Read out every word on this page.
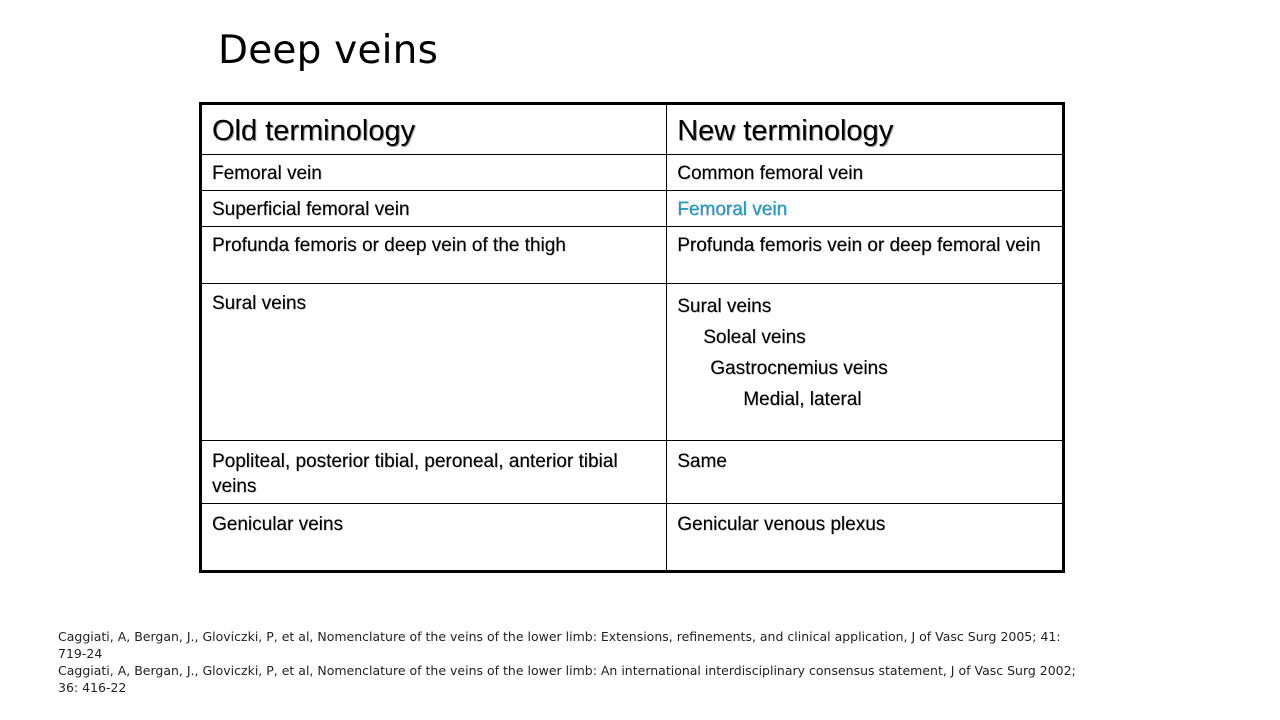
Deep veins
Old terminology	New terminology
Femoral vein	Common femoral vein
Superficial femoral vein	Femoral vein
Profunda femoris or deep vein of the thigh	Profunda femoris vein or deep femoral vein
Sural veins	Sural veins
Soleal veins
Gastrocnemius veins
Medial, lateral

Popliteal, posterior tibial, peroneal, anterior tibial veins	Same
Genicular veins	Genicular venous plexus
Caggiati, A, Bergan, J., Gloviczki, P, et al, Nomenclature of the veins of the lower limb: Extensions, refinements, and clinical application, J of Vasc Surg 2005; 41: 719-24
Caggiati, A, Bergan, J., Gloviczki, P, et al, Nomenclature of the veins of the lower limb: An international interdisciplinary consensus statement, J of Vasc Surg 2002; 36: 416-22
